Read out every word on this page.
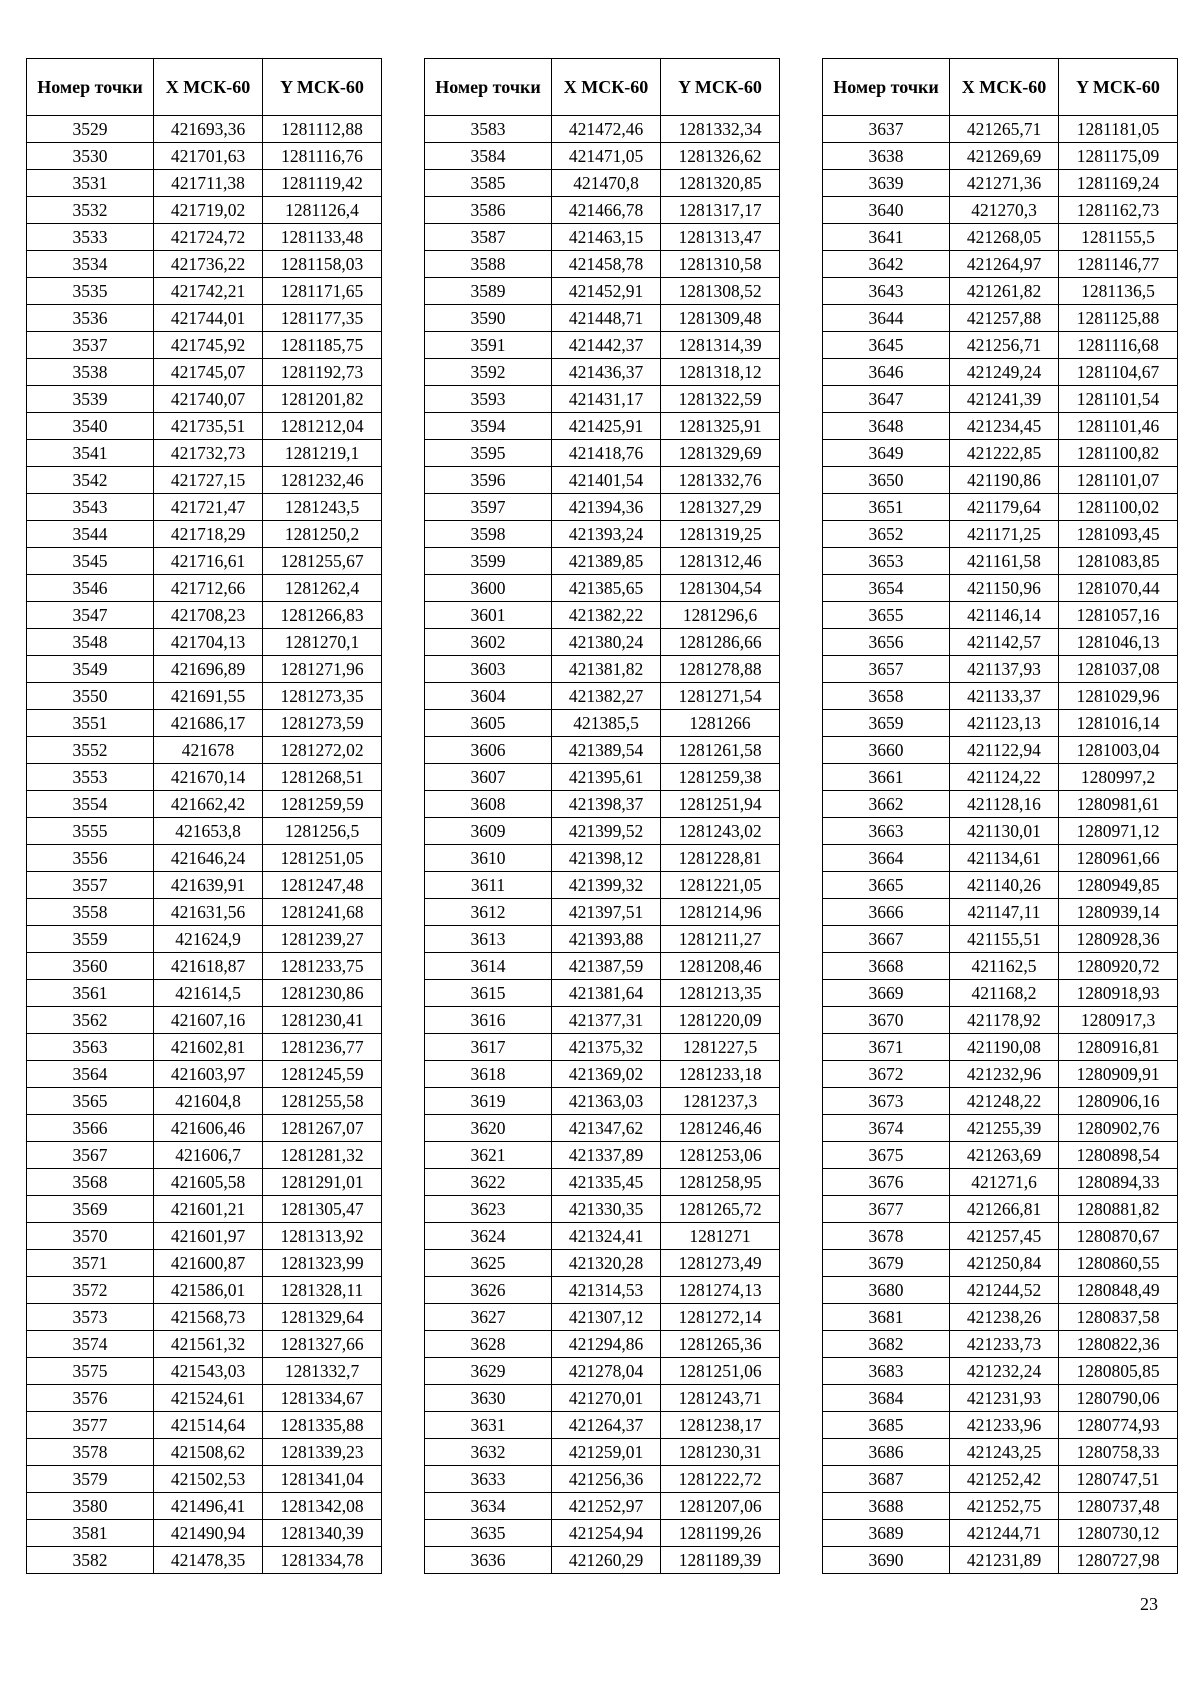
Номер точки	X МСК-60	Y МСК-60
3529	421693,36	1281112,88
3530	421701,63	1281116,76
3531	421711,38	1281119,42
3532	421719,02	1281126,4
3533	421724,72	1281133,48
3534	421736,22	1281158,03
3535	421742,21	1281171,65
3536	421744,01	1281177,35
3537	421745,92	1281185,75
3538	421745,07	1281192,73
3539	421740,07	1281201,82
3540	421735,51	1281212,04
3541	421732,73	1281219,1
3542	421727,15	1281232,46
3543	421721,47	1281243,5
3544	421718,29	1281250,2
3545	421716,61	1281255,67
3546	421712,66	1281262,4
3547	421708,23	1281266,83
3548	421704,13	1281270,1
3549	421696,89	1281271,96
3550	421691,55	1281273,35
3551	421686,17	1281273,59
3552	421678	1281272,02
3553	421670,14	1281268,51
3554	421662,42	1281259,59
3555	421653,8	1281256,5
3556	421646,24	1281251,05
3557	421639,91	1281247,48
3558	421631,56	1281241,68
3559	421624,9	1281239,27
3560	421618,87	1281233,75
3561	421614,5	1281230,86
3562	421607,16	1281230,41
3563	421602,81	1281236,77
3564	421603,97	1281245,59
3565	421604,8	1281255,58
3566	421606,46	1281267,07
3567	421606,7	1281281,32
3568	421605,58	1281291,01
3569	421601,21	1281305,47
3570	421601,97	1281313,92
3571	421600,87	1281323,99
3572	421586,01	1281328,11
3573	421568,73	1281329,64
3574	421561,32	1281327,66
3575	421543,03	1281332,7
3576	421524,61	1281334,67
3577	421514,64	1281335,88
3578	421508,62	1281339,23
3579	421502,53	1281341,04
3580	421496,41	1281342,08
3581	421490,94	1281340,39
3582	421478,35	1281334,78
Номер точки	X МСК-60	Y МСК-60
3583	421472,46	1281332,34
3584	421471,05	1281326,62
3585	421470,8	1281320,85
3586	421466,78	1281317,17
3587	421463,15	1281313,47
3588	421458,78	1281310,58
3589	421452,91	1281308,52
3590	421448,71	1281309,48
3591	421442,37	1281314,39
3592	421436,37	1281318,12
3593	421431,17	1281322,59
3594	421425,91	1281325,91
3595	421418,76	1281329,69
3596	421401,54	1281332,76
3597	421394,36	1281327,29
3598	421393,24	1281319,25
3599	421389,85	1281312,46
3600	421385,65	1281304,54
3601	421382,22	1281296,6
3602	421380,24	1281286,66
3603	421381,82	1281278,88
3604	421382,27	1281271,54
3605	421385,5	1281266
3606	421389,54	1281261,58
3607	421395,61	1281259,38
3608	421398,37	1281251,94
3609	421399,52	1281243,02
3610	421398,12	1281228,81
3611	421399,32	1281221,05
3612	421397,51	1281214,96
3613	421393,88	1281211,27
3614	421387,59	1281208,46
3615	421381,64	1281213,35
3616	421377,31	1281220,09
3617	421375,32	1281227,5
3618	421369,02	1281233,18
3619	421363,03	1281237,3
3620	421347,62	1281246,46
3621	421337,89	1281253,06
3622	421335,45	1281258,95
3623	421330,35	1281265,72
3624	421324,41	1281271
3625	421320,28	1281273,49
3626	421314,53	1281274,13
3627	421307,12	1281272,14
3628	421294,86	1281265,36
3629	421278,04	1281251,06
3630	421270,01	1281243,71
3631	421264,37	1281238,17
3632	421259,01	1281230,31
3633	421256,36	1281222,72
3634	421252,97	1281207,06
3635	421254,94	1281199,26
3636	421260,29	1281189,39
Номер точки	X МСК-60	Y МСК-60
3637	421265,71	1281181,05
3638	421269,69	1281175,09
3639	421271,36	1281169,24
3640	421270,3	1281162,73
3641	421268,05	1281155,5
3642	421264,97	1281146,77
3643	421261,82	1281136,5
3644	421257,88	1281125,88
3645	421256,71	1281116,68
3646	421249,24	1281104,67
3647	421241,39	1281101,54
3648	421234,45	1281101,46
3649	421222,85	1281100,82
3650	421190,86	1281101,07
3651	421179,64	1281100,02
3652	421171,25	1281093,45
3653	421161,58	1281083,85
3654	421150,96	1281070,44
3655	421146,14	1281057,16
3656	421142,57	1281046,13
3657	421137,93	1281037,08
3658	421133,37	1281029,96
3659	421123,13	1281016,14
3660	421122,94	1281003,04
3661	421124,22	1280997,2
3662	421128,16	1280981,61
3663	421130,01	1280971,12
3664	421134,61	1280961,66
3665	421140,26	1280949,85
3666	421147,11	1280939,14
3667	421155,51	1280928,36
3668	421162,5	1280920,72
3669	421168,2	1280918,93
3670	421178,92	1280917,3
3671	421190,08	1280916,81
3672	421232,96	1280909,91
3673	421248,22	1280906,16
3674	421255,39	1280902,76
3675	421263,69	1280898,54
3676	421271,6	1280894,33
3677	421266,81	1280881,82
3678	421257,45	1280870,67
3679	421250,84	1280860,55
3680	421244,52	1280848,49
3681	421238,26	1280837,58
3682	421233,73	1280822,36
3683	421232,24	1280805,85
3684	421231,93	1280790,06
3685	421233,96	1280774,93
3686	421243,25	1280758,33
3687	421252,42	1280747,51
3688	421252,75	1280737,48
3689	421244,71	1280730,12
3690	421231,89	1280727,98
23
